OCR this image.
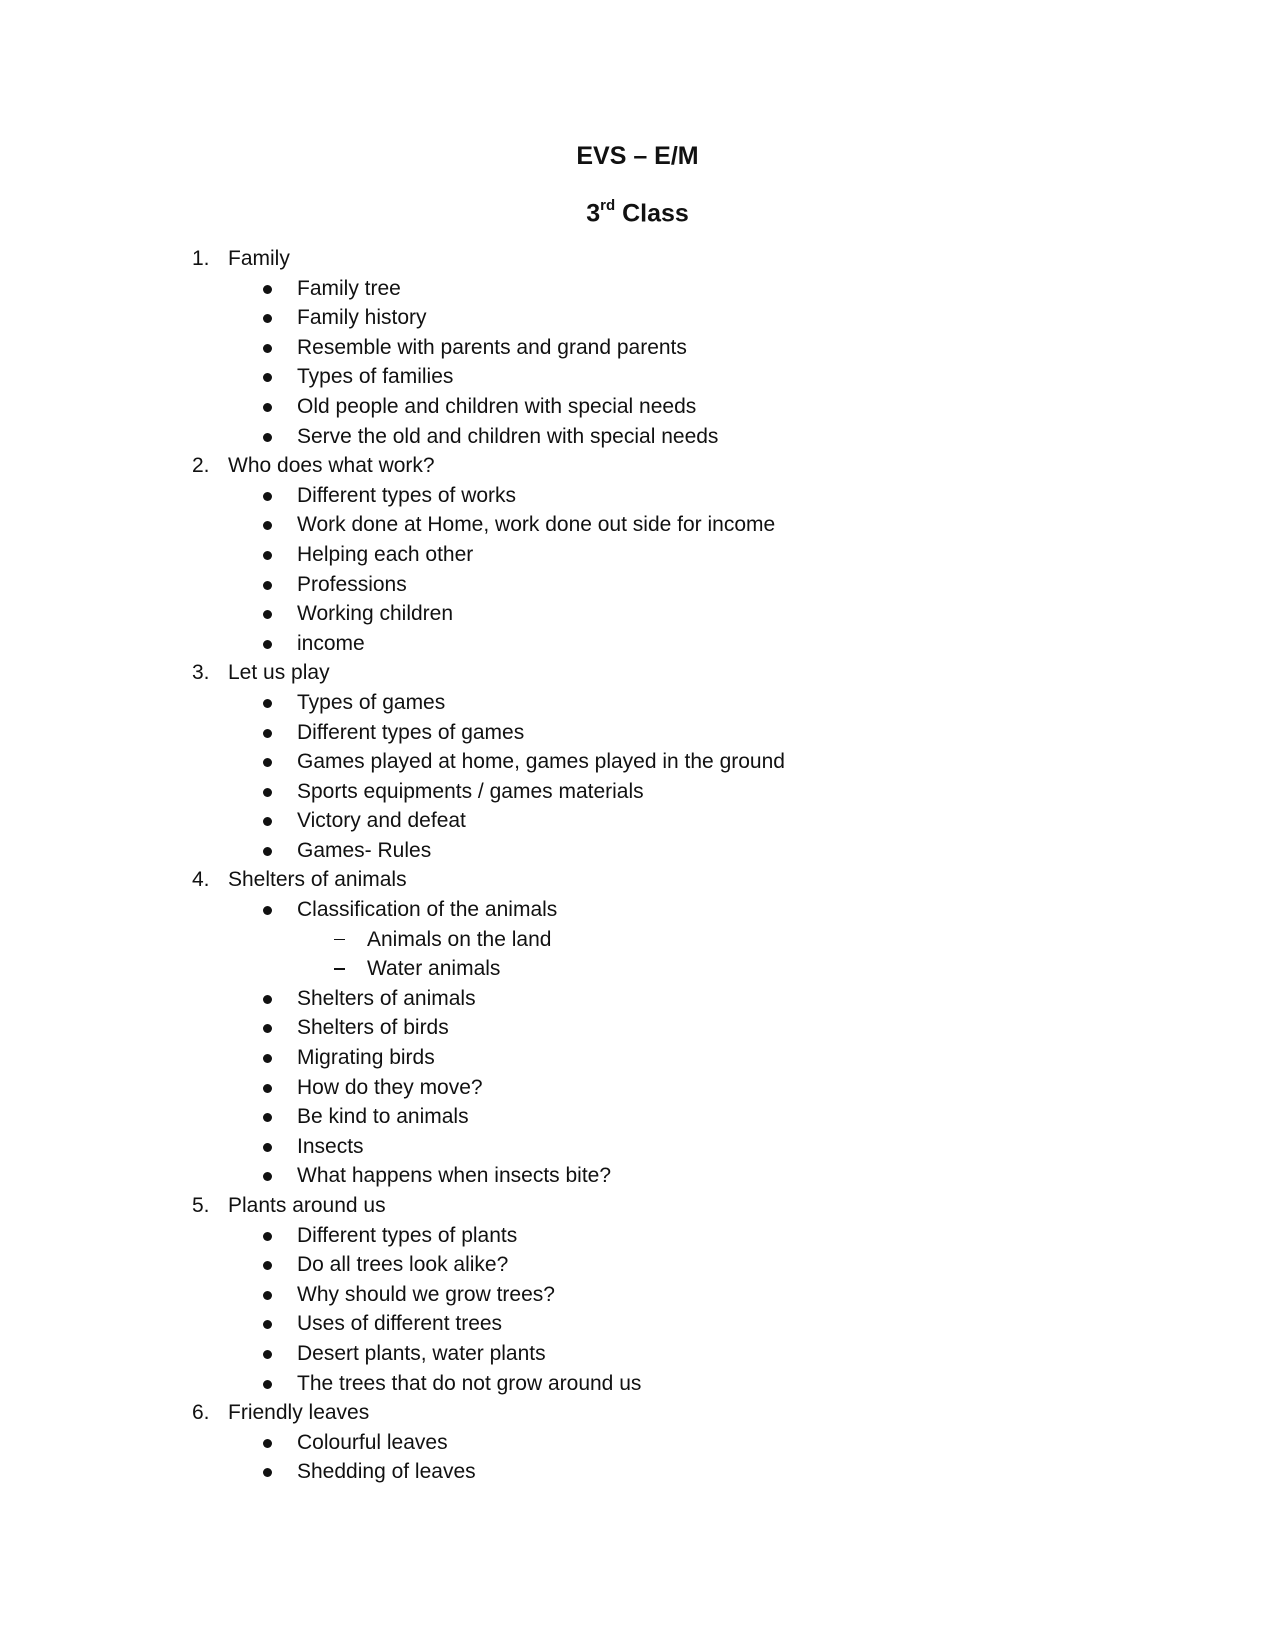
EVS – E/M
3rd Class
1. Family
Family tree
Family history
Resemble with parents and grand parents
Types of families
Old people and children with special needs
Serve the old and children with special needs
2. Who does what work?
Different types of works
Work done at Home, work done out side for income
Helping each other
Professions
Working children
income
3. Let us play
Types of games
Different types of games
Games played at home, games played in the ground
Sports equipments / games materials
Victory and defeat
Games- Rules
4. Shelters of animals
Classification of the animals
Animals on the land
Water animals
Shelters of animals
Shelters of birds
Migrating birds
How do they move?
Be kind to animals
Insects
What happens when insects bite?
5. Plants around us
Different types of plants
Do all trees look alike?
Why should we grow trees?
Uses of different trees
Desert plants, water plants
The trees that do not grow around us
6. Friendly leaves
Colourful leaves
Shedding of leaves
